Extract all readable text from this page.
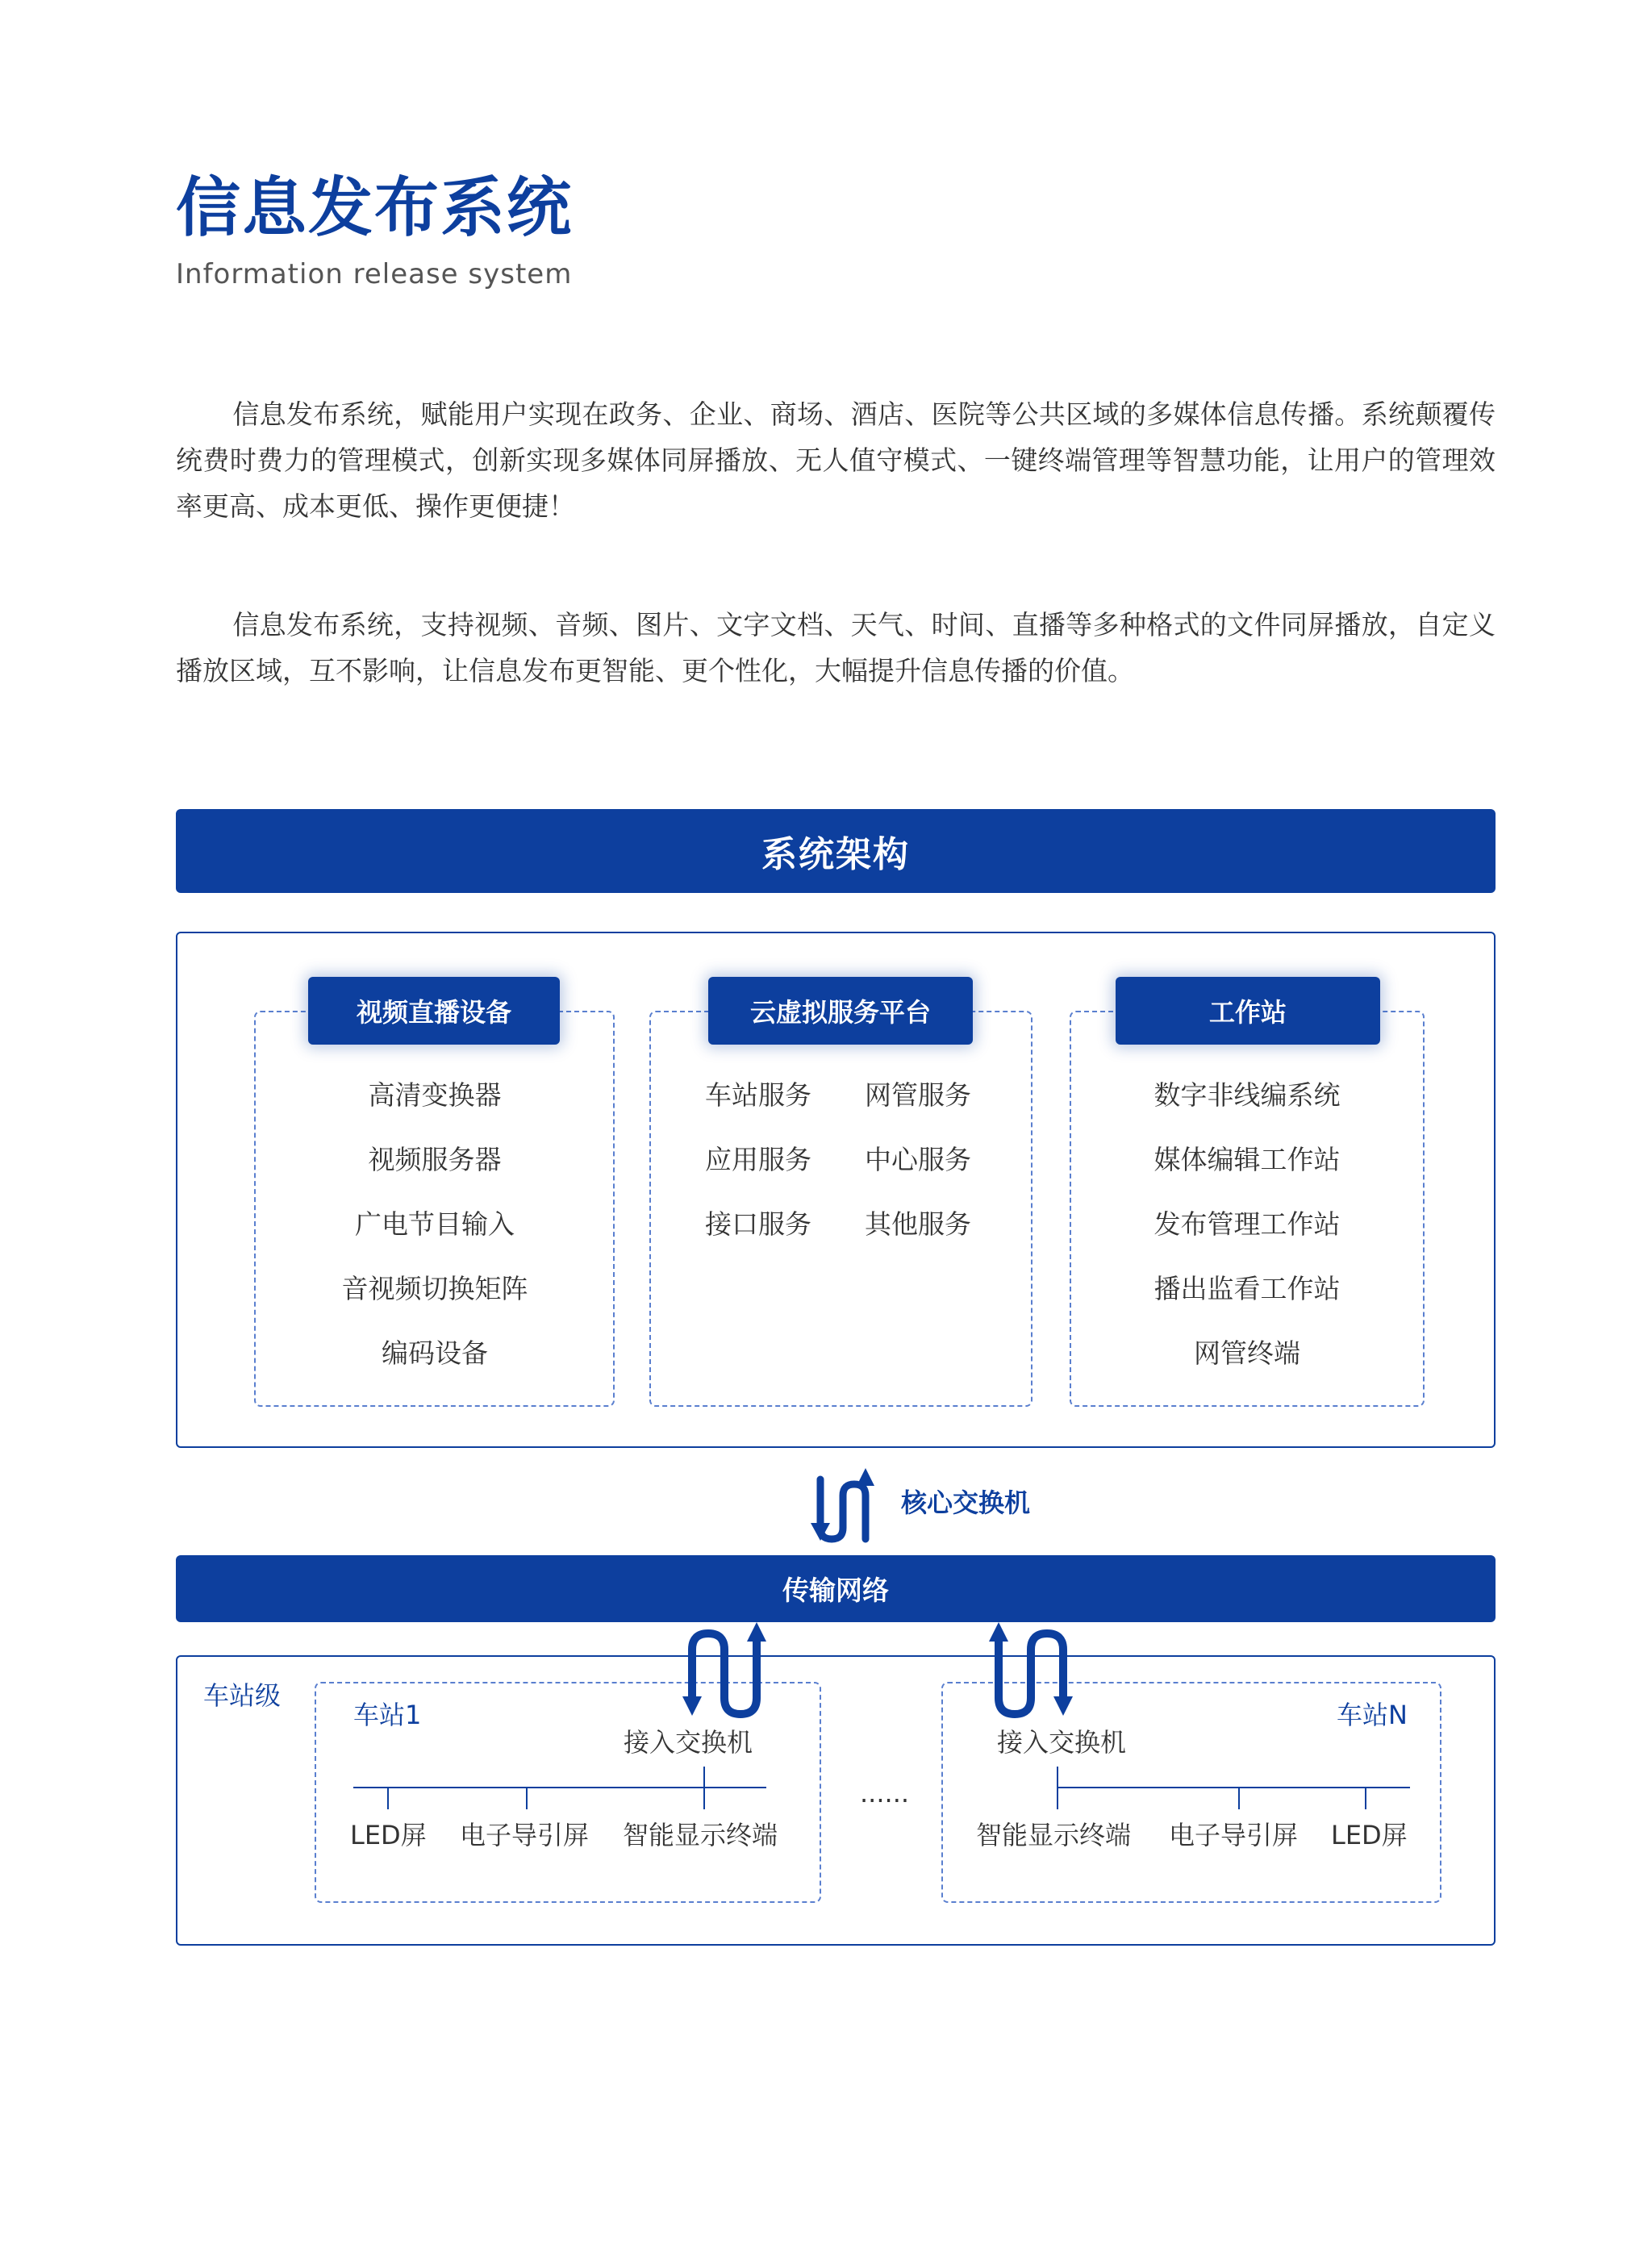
信息发布系统
Information release system
信息发布系统，赋能用户实现在政务、企业、商场、酒店、医院等公共区域的多媒体信息传播。系统颠覆传统费时费力的管理模式，创新实现多媒体同屏播放、无人值守模式、一键终端管理等智慧功能，让用户的管理效率更高、成本更低、操作更便捷！
信息发布系统，支持视频、音频、图片、文字文档、天气、时间、直播等多种格式的文件同屏播放，自定义播放区域，互不影响，让信息发布更智能、更个性化，大幅提升信息传播的价值。
系统架构
视频直播设备	云虚拟服务平台	工作站
高清变换器
视频服务器
广电节目输入
音视频切换矩阵
编码设备
车站服务
应用服务
接口服务
网管服务
中心服务
其他服务
数字非线编系统
媒体编辑工作站
发布管理工作站
播出监看工作站
网管终端
核心交换机
传输网络
车站级
车站1
接入交换机
LED屏 电子导引屏 智能显示终端
......
车站N
接入交换机
智能显示终端 电子导引屏 LED屏
